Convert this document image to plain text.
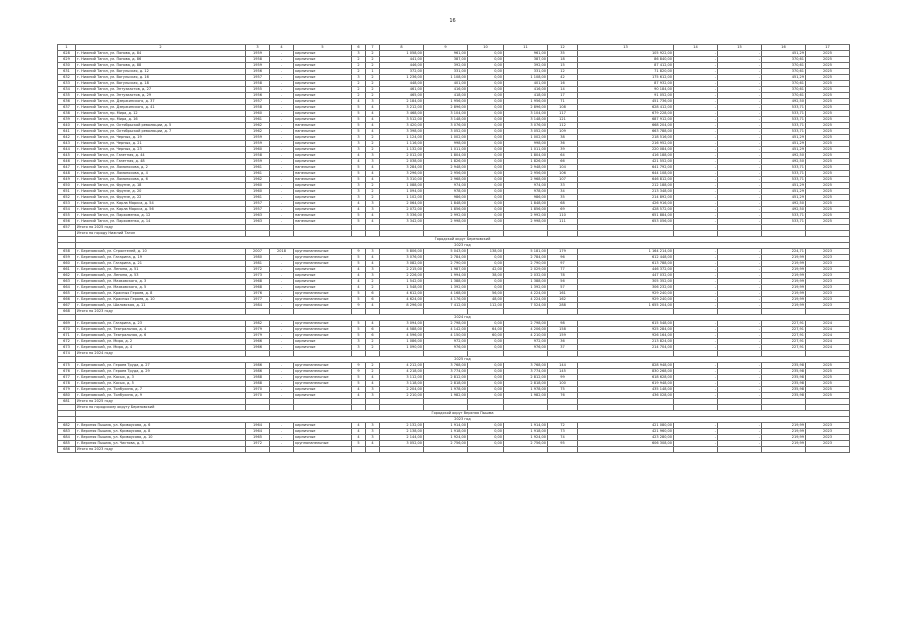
16
1	2	3	4	5	6	7	8	9	10	11	12	13	14	15	16	17
628	г. Нижний Тагил, ул. Попова, д. 84	1959	-	кирпичные	3	2	1 058,00	961,00	0,00	961,00	35	105 922,00	-	-	451,29	2025
629	г. Нижний Тагил, ул. Попова, д. 86	1958	-	кирпичные	2	2	441,00	387,00	0,00	387,00	18	86 840,00	-	-	370,61	2025
630	г. Нижний Тагил, ул. Попова, д. 88	1959	-	кирпичные	2	2	446,00	392,00	0,00	392,00	15	87 412,00	-	-	370,61	2025
631	г. Нижний Тагил, ул. Вогульская, д. 12	1956	-	кирпичные	2	1	372,00	331,00	0,00	331,00	12	71 820,00	-	-	370,61	2025
632	г. Нижний Тагил, ул. Вогульская, д. 16	1957	-	кирпичные	3	2	1 236,00	1 108,00	0,00	1 108,00	42	175 612,00	-	-	451,29	2025
633	г. Нижний Тагил, ул. Вогульская, д. 18	1958	-	кирпичные	2	2	448,00	401,00	0,00	401,00	16	87 932,00	-	-	370,61	2025
634	г. Нижний Тагил, ул. Энтузиастов, д. 27	1955	-	кирпичные	2	2	461,00	416,00	0,00	416,00	14	90 184,00	-	-	370,61	2025
635	г. Нижний Тагил, ул. Энтузиастов, д. 29	1956	-	кирпичные	2	2	465,00	418,00	0,00	418,00	17	91 052,00	-	-	370,61	2025
636	г. Нижний Тагил, ул. Дзержинского, д. 37	1957	-	кирпичные	4	3	2 184,00	1 956,00	0,00	1 956,00	71	451 736,00	-	-	492,50	2025
637	г. Нижний Тагил, ул. Дзержинского, д. 41	1958	-	кирпичные	5	4	3 212,00	2 896,00	0,00	2 896,00	108	628 412,00	-	-	533,71	2025
638	г. Нижний Тагил, пр. Мира, д. 12	1960	-	кирпичные	5	4	3 468,00	3 104,00	0,00	3 104,00	117	679 228,00	-	-	533,71	2025
639	г. Нижний Тагил, пр. Мира, д. 16	1961	-	кирпичные	5	4	3 512,00	3 148,00	0,00	3 148,00	121	687 912,00	-	-	533,71	2025
640	г. Нижний Тагил, ул. Октябрьской революции, д. 5	1962	-	панельные	5	4	3 420,00	3 076,00	0,00	3 076,00	112	668 204,00	-	-	533,71	2025
641	г. Нижний Тагил, ул. Октябрьской революции, д. 7	1962	-	панельные	5	4	3 398,00	3 052,00	0,00	3 052,00	109	663 788,00	-	-	533,71	2025
642	г. Нижний Тагил, ул. Черных, д. 19	1959	-	кирпичные	3	2	1 124,00	1 002,00	0,00	1 002,00	38	218 516,00	-	-	451,29	2025
643	г. Нижний Тагил, ул. Черных, д. 21	1959	-	кирпичные	3	2	1 116,00	998,00	0,00	998,00	36	216 952,00	-	-	451,29	2025
644	г. Нижний Тагил, ул. Черных, д. 23	1960	-	кирпичные	3	2	1 132,00	1 011,00	0,00	1 011,00	39	220 084,00	-	-	451,29	2025
645	г. Нижний Тагил, ул. Газетная, д. 44	1958	-	кирпичные	4	3	2 012,00	1 804,00	0,00	1 804,00	64	416 188,00	-	-	492,50	2025
646	г. Нижний Тагил, ул. Газетная, д. 48	1959	-	кирпичные	4	3	2 038,00	1 826,00	0,00	1 826,00	66	421 552,00	-	-	492,50	2025
647	г. Нижний Тагил, ул. Ломоносова, д. 2	1961	-	панельные	5	4	3 284,00	2 948,00	0,00	2 948,00	104	641 792,00	-	-	533,71	2025
648	г. Нижний Тагил, ул. Ломоносова, д. 4	1961	-	панельные	5	4	3 296,00	2 956,00	0,00	2 956,00	106	644 108,00	-	-	533,71	2025
649	г. Нижний Тагил, ул. Ломоносова, д. 6	1962	-	панельные	5	4	3 310,00	2 968,00	0,00	2 968,00	107	646 812,00	-	-	533,71	2025
650	г. Нижний Тагил, ул. Фрунзе, д. 18	1960	-	кирпичные	3	2	1 088,00	974,00	0,00	974,00	33	212 188,00	-	-	451,29	2025
651	г. Нижний Тагил, ул. Фрунзе, д. 20	1960	-	кирпичные	3	2	1 094,00	978,00	0,00	978,00	34	213 348,00	-	-	451,29	2025
652	г. Нижний Тагил, ул. Фрунзе, д. 22	1961	-	кирпичные	3	2	1 102,00	986,00	0,00	986,00	35	214 892,00	-	-	451,29	2025
653	г. Нижний Тагил, ул. Карла Маркса, д. 54	1957	-	кирпичные	4	3	2 064,00	1 848,00	0,00	1 848,00	68	426 916,00	-	-	492,50	2025
654	г. Нижний Тагил, ул. Карла Маркса, д. 56	1957	-	кирпичные	4	3	2 072,00	1 856,00	0,00	1 856,00	69	428 572,00	-	-	492,50	2025
655	г. Нижний Тагил, ул. Пархоменко, д. 12	1963	-	панельные	5	4	3 336,00	2 992,00	0,00	2 992,00	110	651 884,00	-	-	533,71	2025
656	г. Нижний Тагил, ул. Пархоменко, д. 14	1963	-	панельные	5	4	3 342,00	2 998,00	0,00	2 998,00	111	653 056,00	-	-	533,71	2025
657	Итого по 2025 году															
	Итого по городу Нижний Тагил															
	Городской округ Березовский															
	2023 год															
658	г. Березовский, ул. Строителей, д. 10	2007	2018	крупнопанельные	9	3	5 806,00	5 043,00	138,00	5 181,00	179	1 164 214,00	-	-	224,71	2023
659	г. Березовский, ул. Гагарина, д. 19	1980	-	крупнопанельные	5	4	3 076,00	2 784,00	0,00	2 784,00	96	612 448,00	-	-	219,99	2023
660	г. Березовский, ул. Гагарина, д. 21	1981	-	крупнопанельные	5	4	3 082,00	2 790,00	0,00	2 790,00	97	613 788,00	-	-	219,99	2023
661	г. Березовский, ул. Ленина, д. 51	1972	-	кирпичные	4	3	2 215,00	1 987,00	42,00	2 029,00	77	446 372,00	-	-	219,99	2023
662	г. Березовский, ул. Ленина, д. 53	1973	-	кирпичные	4	3	2 226,00	1 994,00	38,00	2 032,00	78	447 032,00	-	-	219,99	2023
663	г. Березовский, ул. Маяковского, д. 3	1968	-	кирпичные	4	2	1 542,00	1 388,00	0,00	1 388,00	56	305 352,00	-	-	219,99	2023
664	г. Березовский, ул. Маяковского, д. 5	1968	-	кирпичные	4	2	1 548,00	1 392,00	0,00	1 392,00	57	306 232,00	-	-	219,99	2023
665	г. Березовский, ул. Красных Героев, д. 8	1976	-	крупнопанельные	5	6	4 612,00	4 168,00	56,00	4 224,00	161	929 240,00	-	-	219,99	2023
666	г. Березовский, ул. Красных Героев, д. 10	1977	-	крупнопанельные	5	6	4 624,00	4 176,00	48,00	4 224,00	162	929 240,00	-	-	219,99	2023
667	г. Березовский, ул. Шиловская, д. 11	1984	-	крупнопанельные	9	4	8 296,00	7 412,00	112,00	7 524,00	288	1 655 204,00	-	-	219,99	2023
668	Итого по 2023 году															
	2024 год															
669	г. Березовский, ул. Гагарина, д. 23	1982	-	крупнопанельные	5	4	3 094,00	2 798,00	0,00	2 798,00	98	615 548,00	-	-	227,91	2024
670	г. Березовский, ул. Театральная, д. 4	1979	-	крупнопанельные	5	6	4 588,00	4 142,00	64,00	4 206,00	158	925 284,00	-	-	227,91	2024
671	г. Березовский, ул. Театральная, д. 6	1979	-	крупнопанельные	5	6	4 596,00	4 150,00	60,00	4 210,00	159	926 164,00	-	-	227,91	2024
672	г. Березовский, ул. Мира, д. 2	1966	-	кирпичные	3	2	1 086,00	972,00	0,00	972,00	36	213 824,00	-	-	227,91	2024
673	г. Березовский, ул. Мира, д. 4	1966	-	кирпичные	3	2	1 090,00	976,00	0,00	976,00	37	214 704,00	-	-	227,91	2024
674	Итого по 2024 году															
	2025 год															
675	г. Березовский, ул. Героев Труда, д. 27	1986	-	крупнопанельные	9	2	4 212,00	3 768,00	0,00	3 768,00	144	828 948,00	-	-	235,98	2025
676	г. Березовский, ул. Героев Труда, д. 29	1986	-	крупнопанельные	9	2	4 218,00	3 774,00	0,00	3 774,00	145	830 268,00	-	-	235,98	2025
677	г. Березовский, ул. Косых, д. 3	1988	-	крупнопанельные	5	4	3 112,00	2 812,00	0,00	2 812,00	99	618 628,00	-	-	235,98	2025
678	г. Березовский, ул. Косых, д. 5	1988	-	крупнопанельные	5	4	3 118,00	2 818,00	0,00	2 818,00	100	619 948,00	-	-	235,98	2025
679	г. Березовский, ул. Толбухина, д. 7	1970	-	кирпичные	4	3	2 204,00	1 978,00	0,00	1 978,00	75	435 148,00	-	-	235,98	2025
680	г. Березовский, ул. Толбухина, д. 9	1970	-	кирпичные	4	3	2 210,00	1 982,00	0,00	1 982,00	76	436 028,00	-	-	235,98	2025
681	Итого по 2025 году															
	Итого по городскому округу Березовский															
	Городской округ Верхняя Пышма															
	2023 год															
682	г. Верхняя Пышма, ул. Кривоусова, д. 6	1964	-	кирпичные	4	3	2 132,00	1 914,00	0,00	1 914,00	72	421 080,00	-	-	219,99	2023
683	г. Верхняя Пышма, ул. Кривоусова, д. 8	1964	-	кирпичные	4	3	2 138,00	1 918,00	0,00	1 918,00	73	421 960,00	-	-	219,99	2023
684	г. Верхняя Пышма, ул. Кривоусова, д. 10	1965	-	кирпичные	4	3	2 144,00	1 924,00	0,00	1 924,00	74	423 280,00	-	-	219,99	2023
685	г. Верхняя Пышма, ул. Чистова, д. 3	1972	-	крупнопанельные	5	4	3 052,00	2 756,00	0,00	2 756,00	95	606 308,00	-	-	219,99	2023
686	Итого по 2023 году															
